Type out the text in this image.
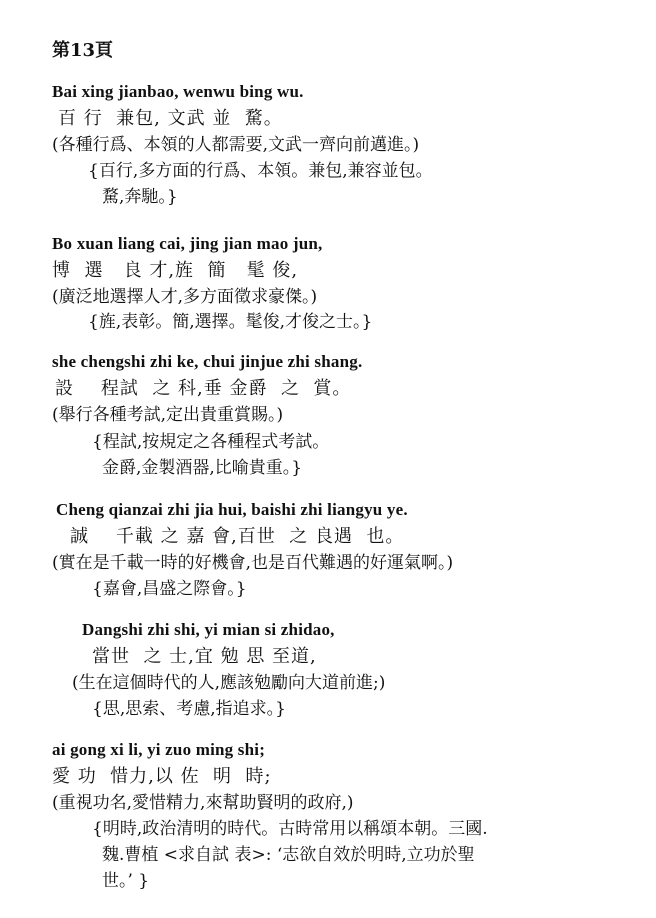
第13頁
Bai xing jianbao, wenwu bing wu.
百 行  兼包, 文武 並  騖。
(各種行爲、本領的人都需要,文武一齊向前邁進。)
{百行,多方面的行爲、本領。兼包,兼容並包。
騖,奔馳。}
Bo xuan liang cai, jing jian mao jun,
博  選   良 才,旌  簡   髦 俊,
(廣泛地選擇人才,多方面徵求豪傑。)
{旌,表彰。簡,選擇。髦俊,才俊之士。}
she chengshi zhi ke, chui jinjue zhi shang.
設    程試  之 科,垂 金爵  之  賞。
(舉行各種考試,定出貴重賞賜。)
{程試,按規定之各種程式考試。
金爵,金製酒器,比喻貴重。}
Cheng qianzai zhi jia hui, baishi zhi liangyu ye.
誠    千載 之 嘉 會,百世  之 良遇  也。
(實在是千載一時的好機會,也是百代難遇的好運氣啊。)
{嘉會,昌盛之際會。}
Dangshi zhi shi, yi mian si zhidao,
當世  之 士,宜 勉 思 至道,
(生在這個時代的人,應該勉勵向大道前進;)
{思,思索、考慮,指追求。}
ai gong xi li, yi zuo ming shi;
愛 功  惜力,以 佐  明  時;
(重視功名,愛惜精力,來幫助賢明的政府,)
{明時,政治清明的時代。古時常用以稱頌本朝。三國.
魏.曹植 <求自試 表>: ‘志欲自效於明時,立功於聖
世。’ }
